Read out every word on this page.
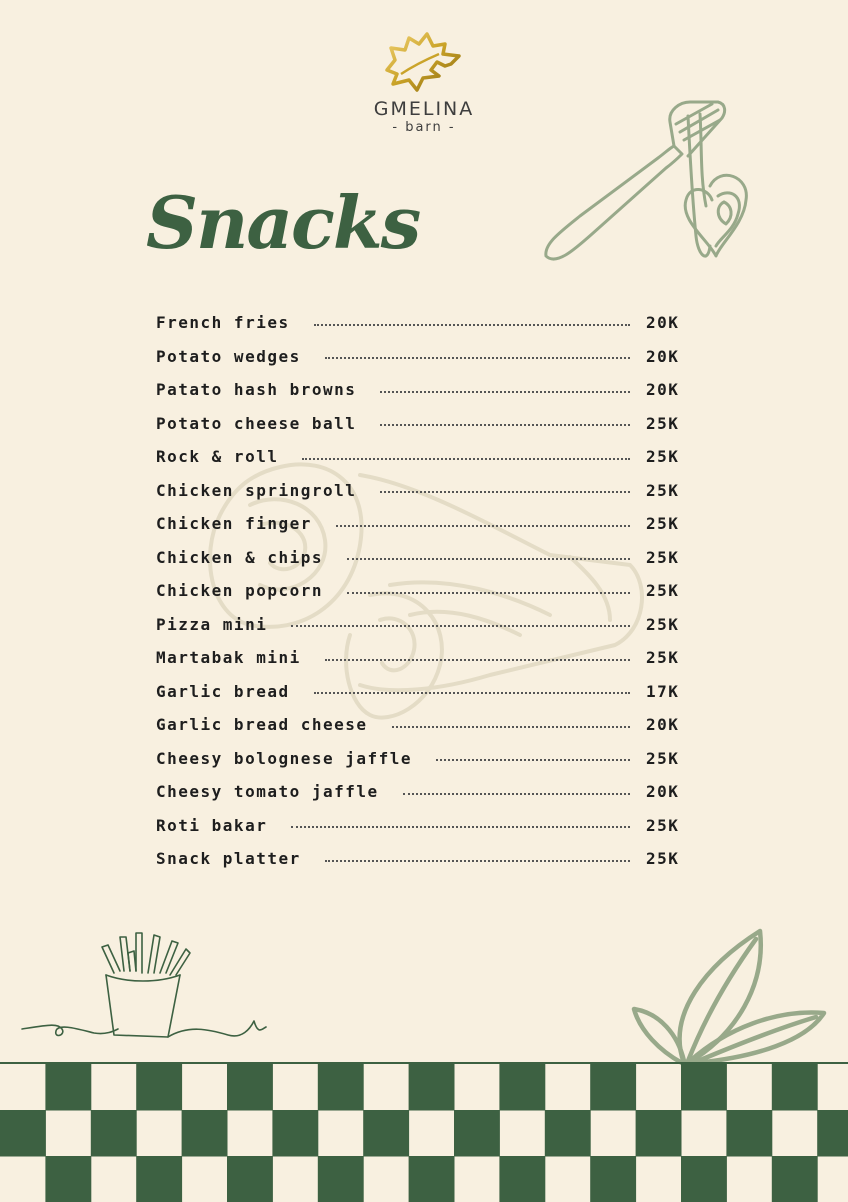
GMELINA
- barn -
Snacks
French fries	20K
Potato wedges	20K
Patato hash browns	20K
Potato cheese ball	25K
Rock & roll	25K
Chicken springroll	25K
Chicken finger	25K
Chicken & chips	25K
Chicken popcorn	25K
Pizza mini	25K
Martabak mini	25K
Garlic bread	17K
Garlic bread cheese	20K
Cheesy bolognese jaffle	25K
Cheesy tomato jaffle	20K
Roti bakar	25K
Snack platter	25K
